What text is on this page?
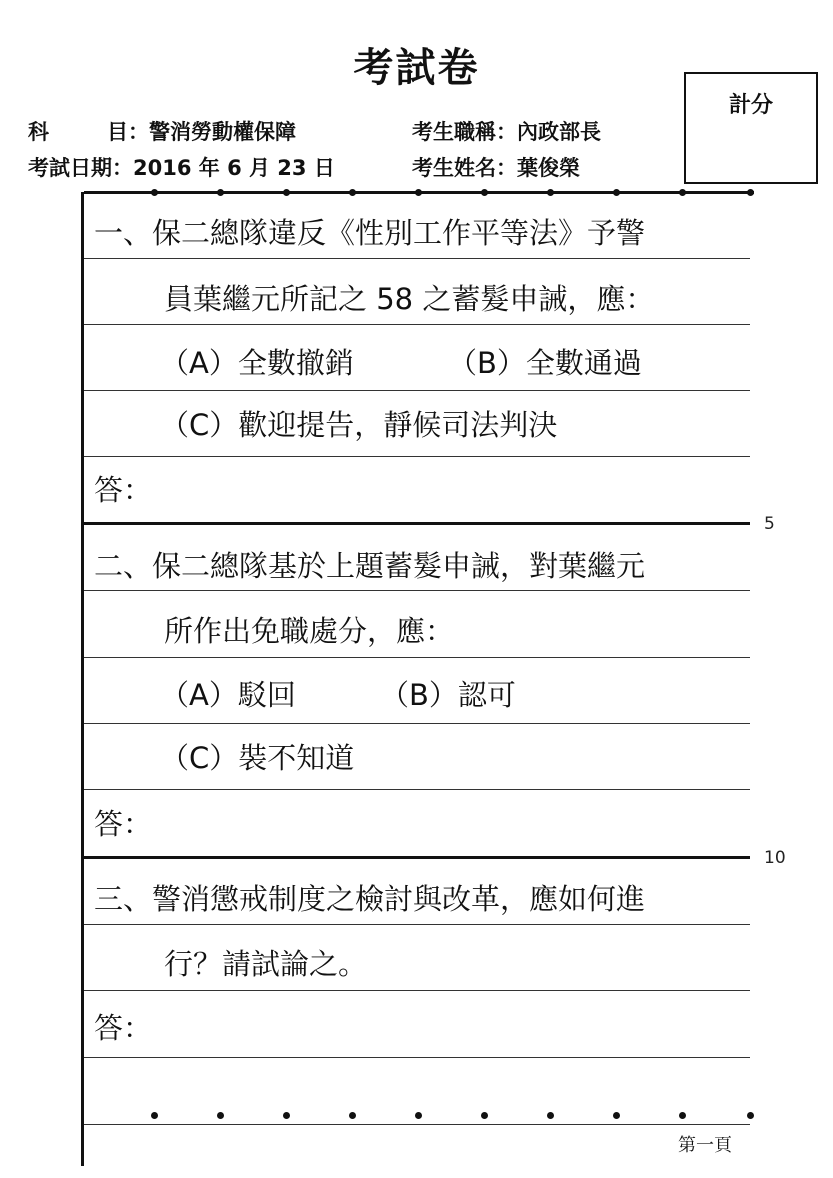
考試卷
計分
科	目：警消勞動權保障
考試日期：2016 年 6 月 23 日
考生職稱：內政部長
考生姓名：葉俊榮
5
10
一、保二總隊違反《性別工作平等法》予警
員葉繼元所記之 58 之蓄髮申誡，應：
（A）全數撤銷	（B）全數通過
（C）歡迎提告，靜候司法判決
答：
二、保二總隊基於上題蓄髮申誡，對葉繼元
所作出免職處分，應：
（A）駁回	（B）認可
（C）裝不知道
答：
三、警消懲戒制度之檢討與改革，應如何進
行？請試論之。
答：
第一頁
